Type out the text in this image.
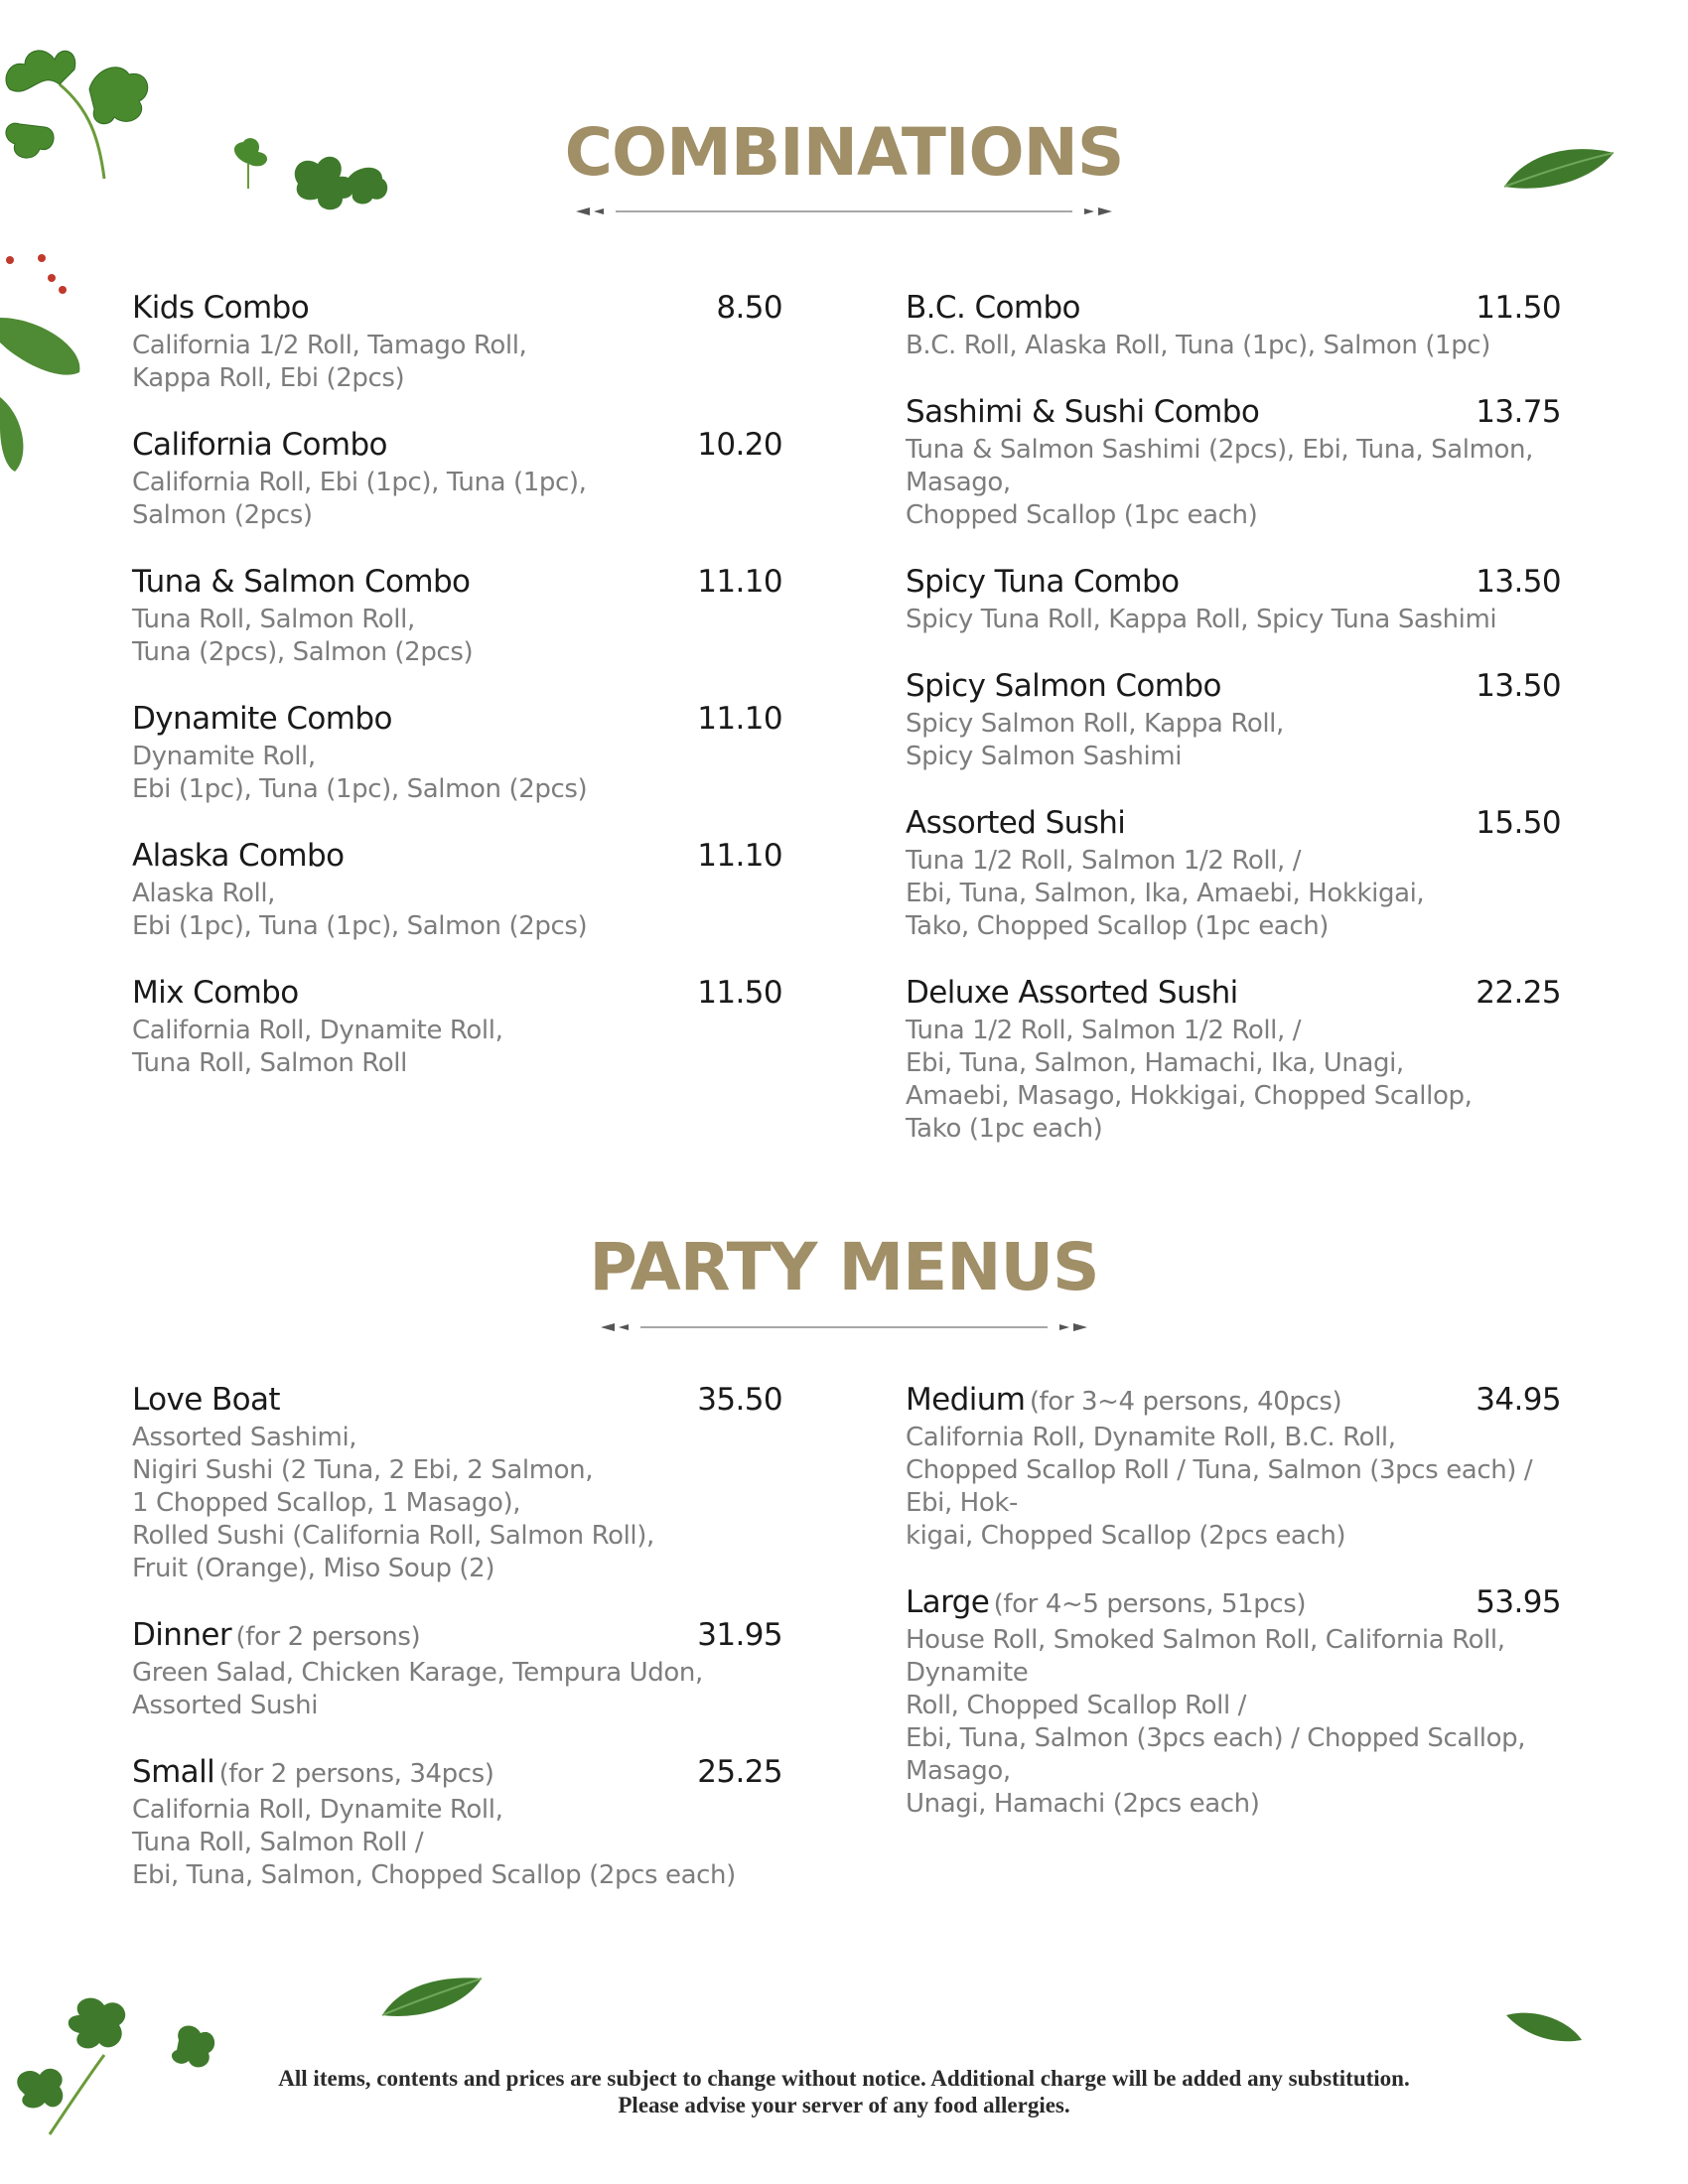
COMBINATIONS
Kids Combo	8.50
California 1/2 Roll, Tamago Roll,
Kappa Roll, Ebi (2pcs)
California Combo	10.20
California Roll, Ebi (1pc), Tuna (1pc),
Salmon (2pcs)
Tuna & Salmon Combo	11.10
Tuna Roll, Salmon Roll,
Tuna (2pcs), Salmon (2pcs)
Dynamite Combo	11.10
Dynamite Roll,
Ebi (1pc), Tuna (1pc), Salmon (2pcs)
Alaska Combo	11.10
Alaska Roll,
Ebi (1pc), Tuna (1pc), Salmon (2pcs)
Mix Combo	11.50
California Roll, Dynamite Roll,
Tuna Roll, Salmon Roll
B.C. Combo	11.50
B.C. Roll, Alaska Roll, Tuna (1pc), Salmon (1pc)
Sashimi & Sushi Combo	13.75
Tuna & Salmon Sashimi (2pcs), Ebi, Tuna, Salmon, Masago,
Chopped Scallop (1pc each)
Spicy Tuna Combo	13.50
Spicy Tuna Roll, Kappa Roll, Spicy Tuna Sashimi
Spicy Salmon Combo	13.50
Spicy Salmon Roll, Kappa Roll,
Spicy Salmon Sashimi
Assorted Sushi	15.50
Tuna 1/2 Roll, Salmon 1/2 Roll, /
Ebi, Tuna, Salmon, Ika, Amaebi, Hokkigai,
Tako, Chopped Scallop (1pc each)
Deluxe Assorted Sushi	22.25
Tuna 1/2 Roll, Salmon 1/2 Roll, /
Ebi, Tuna, Salmon, Hamachi, Ika, Unagi,
Amaebi, Masago, Hokkigai, Chopped Scallop,
Tako (1pc each)
PARTY MENUS
Love Boat	35.50
Assorted Sashimi,
Nigiri Sushi (2 Tuna, 2 Ebi, 2 Salmon,
1 Chopped Scallop, 1 Masago),
Rolled Sushi (California Roll, Salmon Roll),
Fruit (Orange), Miso Soup (2)
Dinner (for 2 persons)	31.95
Green Salad, Chicken Karage, Tempura Udon,
Assorted Sushi
Small (for 2 persons, 34pcs)	25.25
California Roll, Dynamite Roll,
Tuna Roll, Salmon Roll /
Ebi, Tuna, Salmon, Chopped Scallop (2pcs each)
Medium (for 3~4 persons, 40pcs)	34.95
California Roll, Dynamite Roll, B.C. Roll,
Chopped Scallop Roll / Tuna, Salmon (3pcs each) / Ebi, Hok-
kigai, Chopped Scallop (2pcs each)
Large (for 4~5 persons, 51pcs)	53.95
House Roll, Smoked Salmon Roll, California Roll, Dynamite
Roll, Chopped Scallop Roll /
Ebi, Tuna, Salmon (3pcs each) / Chopped Scallop, Masago,
Unagi, Hamachi (2pcs each)
All items, contents and prices are subject to change without notice. Additional charge will be added any substitution.
Please advise your server of any food allergies.
